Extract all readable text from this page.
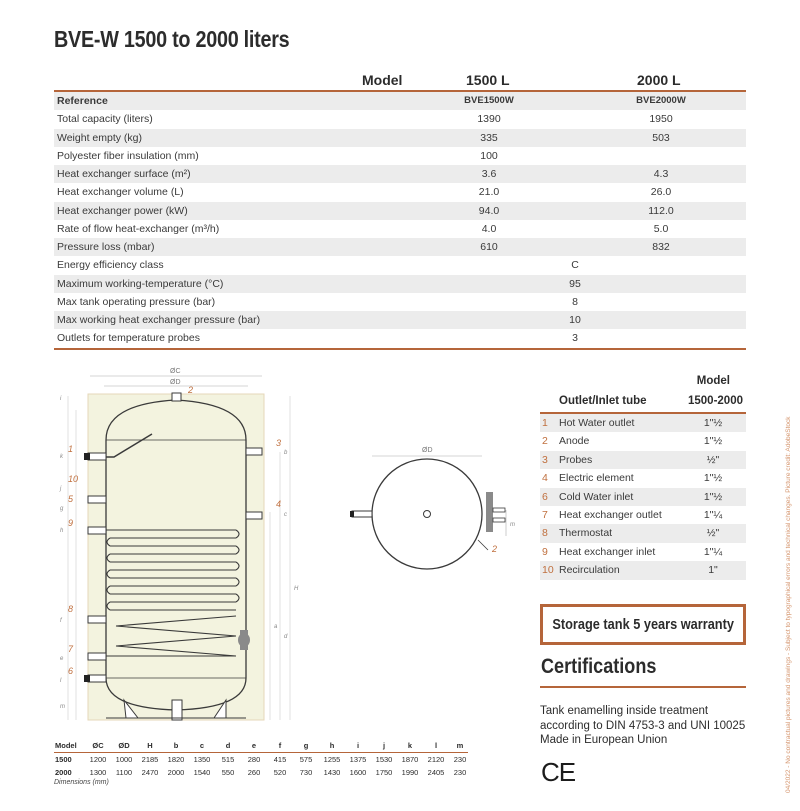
BVE-W 1500 to 2000 liters
Model	1500 L	2000 L
Reference	BVE1500W	BVE2000W
Total capacity (liters)	1390	1950
Weight empty (kg)	335	503
Polyester fiber insulation (mm)	100
Heat exchanger surface (m²)	3.6	4.3
Heat exchanger volume (L)	21.0	26.0
Heat exchanger power (kW)	94.0	112.0
Rate of flow heat-exchanger (m³/h)	4.0	5.0
Pressure loss (mbar)	610	832
Energy efficiency class	C
Maximum working-temperature (°C)	95
Max tank operating pressure (bar)	8
Max working heat exchanger pressure (bar)	10
Outlets for temperature probes	3
ØC
ØD
2
1
3
10
5	4
9
8
7
6
i
k
j
g
h
f
e
b
c
a
d
l
m
H
ØD
m
2
Model
Outlet/Inlet tube	1500-2000
1 Hot Water outlet	1"½
2 Anode	1"½
3 Probes	½"
4 Electric element	1"½
6 Cold Water inlet	1"½
7 Heat exchanger outlet	1"¼
8 Thermostat	½"
9 Heat exchanger inlet	1"¼
10 Recirculation	1"
Storage tank 5 years warranty
Certifications
Tank enamelling inside treatment
according to DIN 4753-3 and UNI 10025
Made in European Union
CE
Model	ØC	ØD	H	b	c	d	e	f	g	h	i	j	k	l	m
1500	1200	1000	2185	1820	1350	515	280	415	575	1255	1375	1530	1870	2120	230
2000	1300	1100	2470	2000	1540	550	260	520	730	1430	1600	1750	1990	2405	230
Dimensions (mm)	04/2022 - No contractual pictures and drawings - Subject to typographical errors and technical changes. Picture credit: AdobeStock
